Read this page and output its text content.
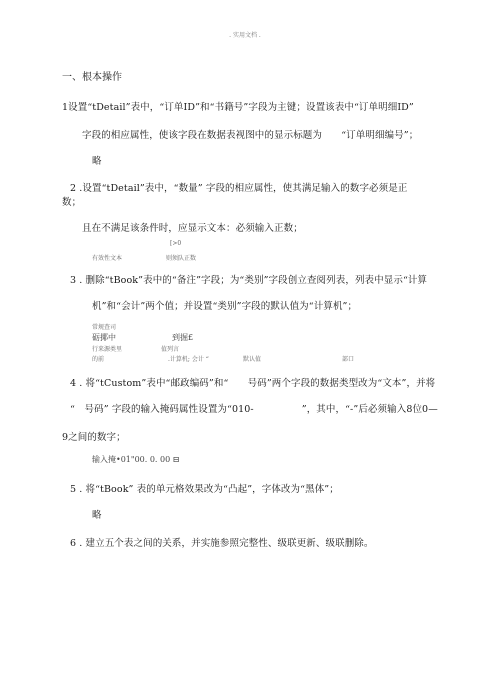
. 实用文档 .
一、根本操作
1设置“tDetail”表中，“订单ID”和“书籍号”字段为主键；设置该表中“订单明细ID”
字段的相应属性，使该字段在数据表视图中的显示标题为　　“订单明细编号”；
略
2 .设置“tDetail”表中，“数量” 字段的相应属性，使其满足输入的数字必须是正
数；
且在不满足该条件时，应显示文本：必须输入正数；
[>0
有效性文本	则须队正数
3 . 删除“tBook”表中的“备注”字段；为“类别”字段创立查阅列表，列表中显示“计算
机”和“会计”两个值；并设置“类别”字段的默认值为“计算机”；
常规查司
砺揶中	到掘£
行来源类里	值列言
的前	.计算机; 会计 “	默认值	部口
4 . 将“tCustom”表中“邮政编码”和“　　号码”两个字段的数据类型改为“文本”，并将
“　号码” 字段的输入掩码属性设置为“010-　　　　　”，其中，“-”后必须输入8位0—
9之间的数字；
输入掩•01"00. 0. 00 ⊟
5 . 将“tBook” 表的单元格效果改为“凸起”，字体改为“黑体”；
略
6 . 建立五个表之间的关系，并实施参照完整性、级联更新、级联删除。
